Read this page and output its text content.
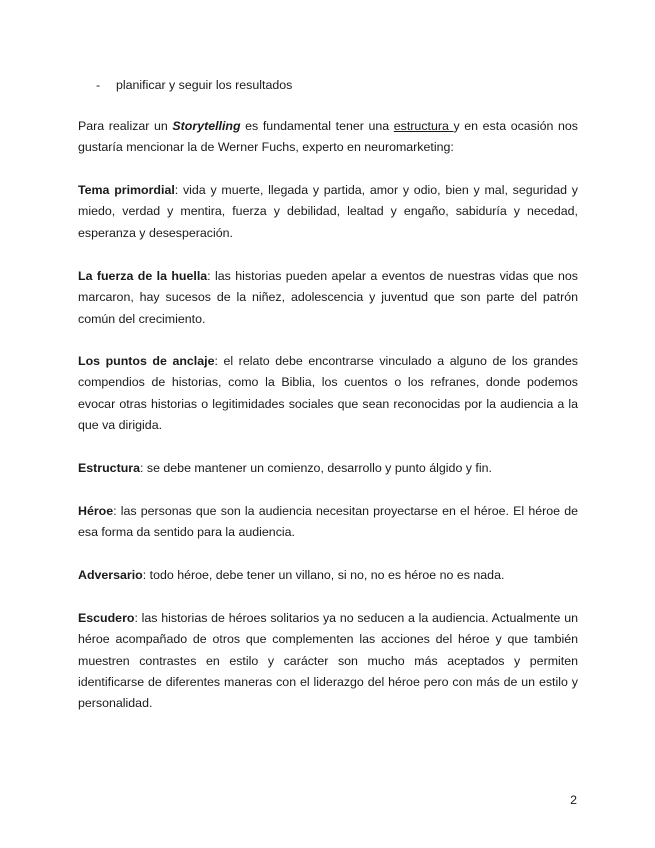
- planificar y seguir los resultados

Para realizar un Storytelling es fundamental tener una estructura y en esta ocasión nos gustaría mencionar la de Werner Fuchs, experto en neuromarketing:

Tema primordial: vida y muerte, llegada y partida, amor y odio, bien y mal, seguridad y miedo, verdad y mentira, fuerza y debilidad, lealtad y engaño, sabiduría y necedad, esperanza y desesperación.

La fuerza de la huella: las historias pueden apelar a eventos de nuestras vidas que nos marcaron, hay sucesos de la niñez, adolescencia y juventud que son parte del patrón común del crecimiento.

Los puntos de anclaje: el relato debe encontrarse vinculado a alguno de los grandes compendios de historias, como la Biblia, los cuentos o los refranes, donde podemos evocar otras historias o legitimidades sociales que sean reconocidas por la audiencia a la que va dirigida.

Estructura: se debe mantener un comienzo, desarrollo y punto álgido y fin.

Héroe: las personas que son la audiencia necesitan proyectarse en el héroe. El héroe de esa forma da sentido para la audiencia.

Adversario: todo héroe, debe tener un villano, si no, no es héroe no es nada.

Escudero: las historias de héroes solitarios ya no seducen a la audiencia. Actualmente un héroe acompañado de otros que complementen las acciones del héroe y que también muestren contrastes en estilo y carácter son mucho más aceptados y permiten identificarse de diferentes maneras con el liderazgo del héroe pero con más de un estilo y personalidad.

2
